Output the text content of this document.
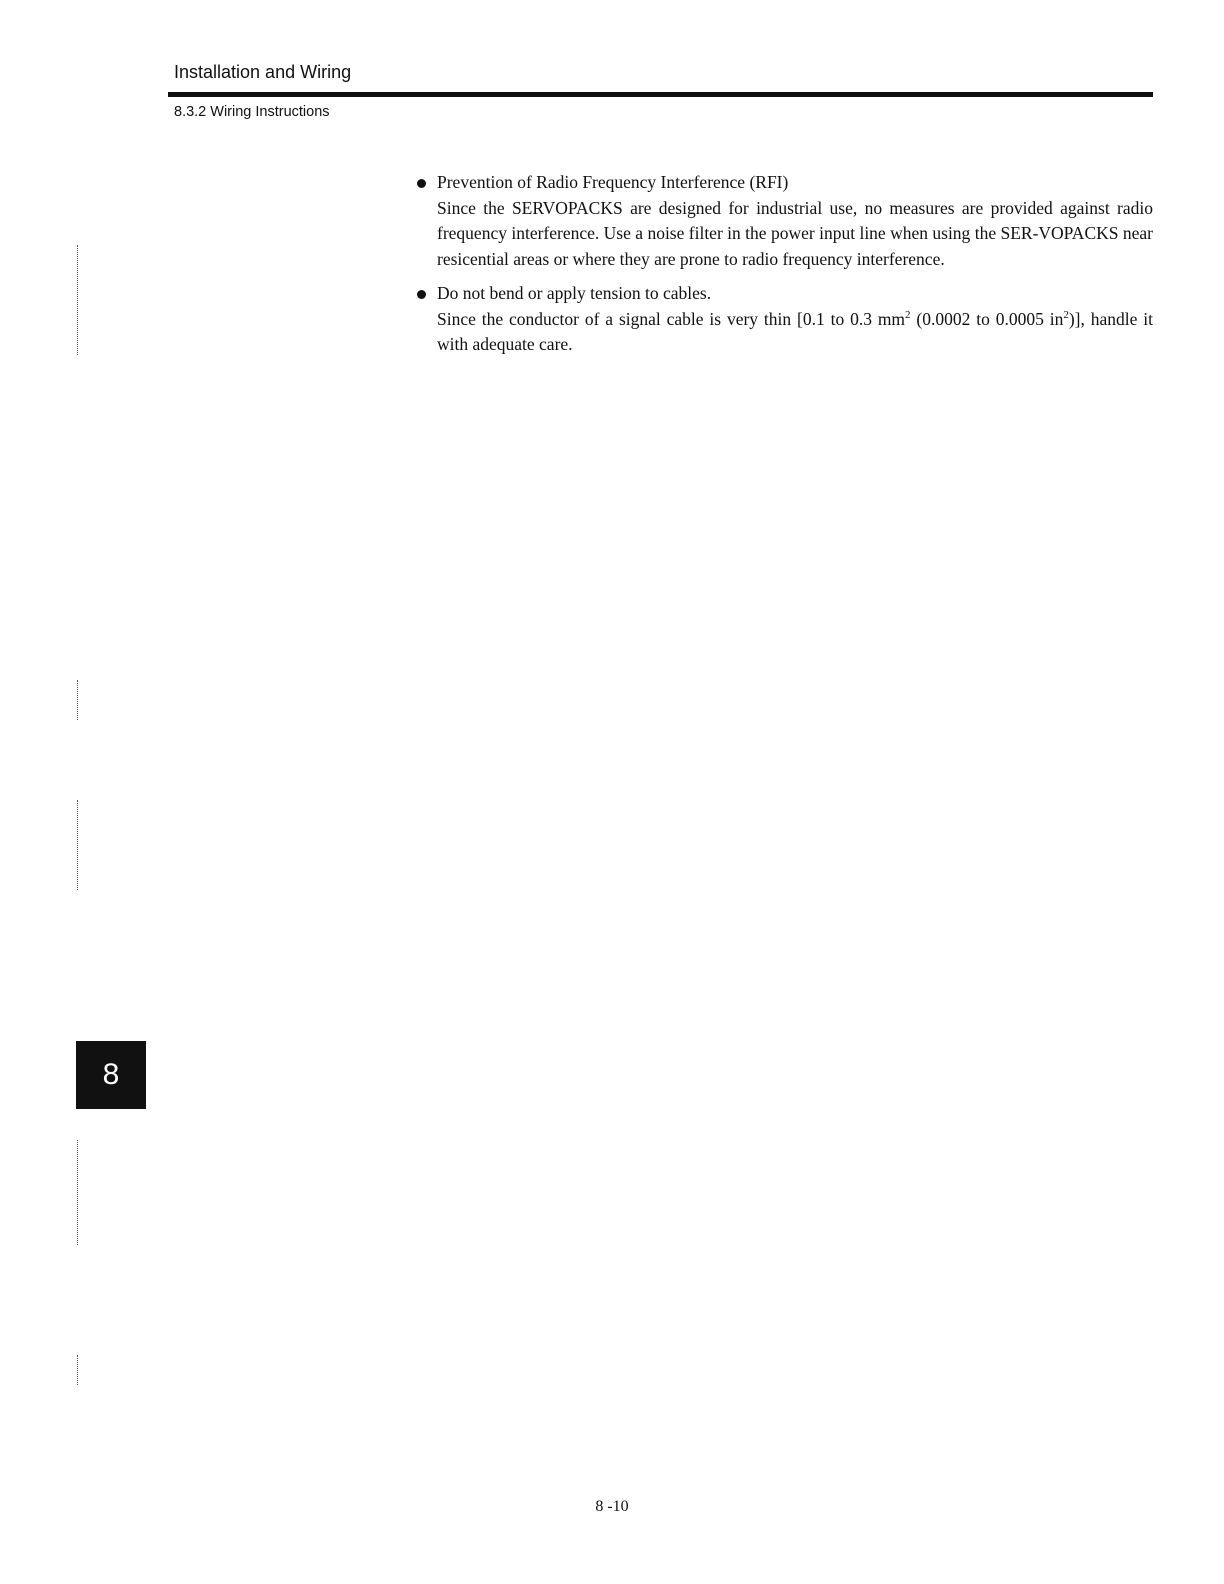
Installation and Wiring
8.3.2 Wiring Instructions
Prevention of Radio Frequency Interference (RFI)
Since the SERVOPACKS are designed for industrial use, no measures are provided against radio frequency interference. Use a noise filter in the power input line when using the SER-VOPACKS near resicential areas or where they are prone to radio frequency interference.
Do not bend or apply tension to cables.
Since the conductor of a signal cable is very thin [0.1 to 0.3 $mm^2$ (0.0002 to 0.0005 $in^2$)], handle it with adequate care.
8
8 -10
